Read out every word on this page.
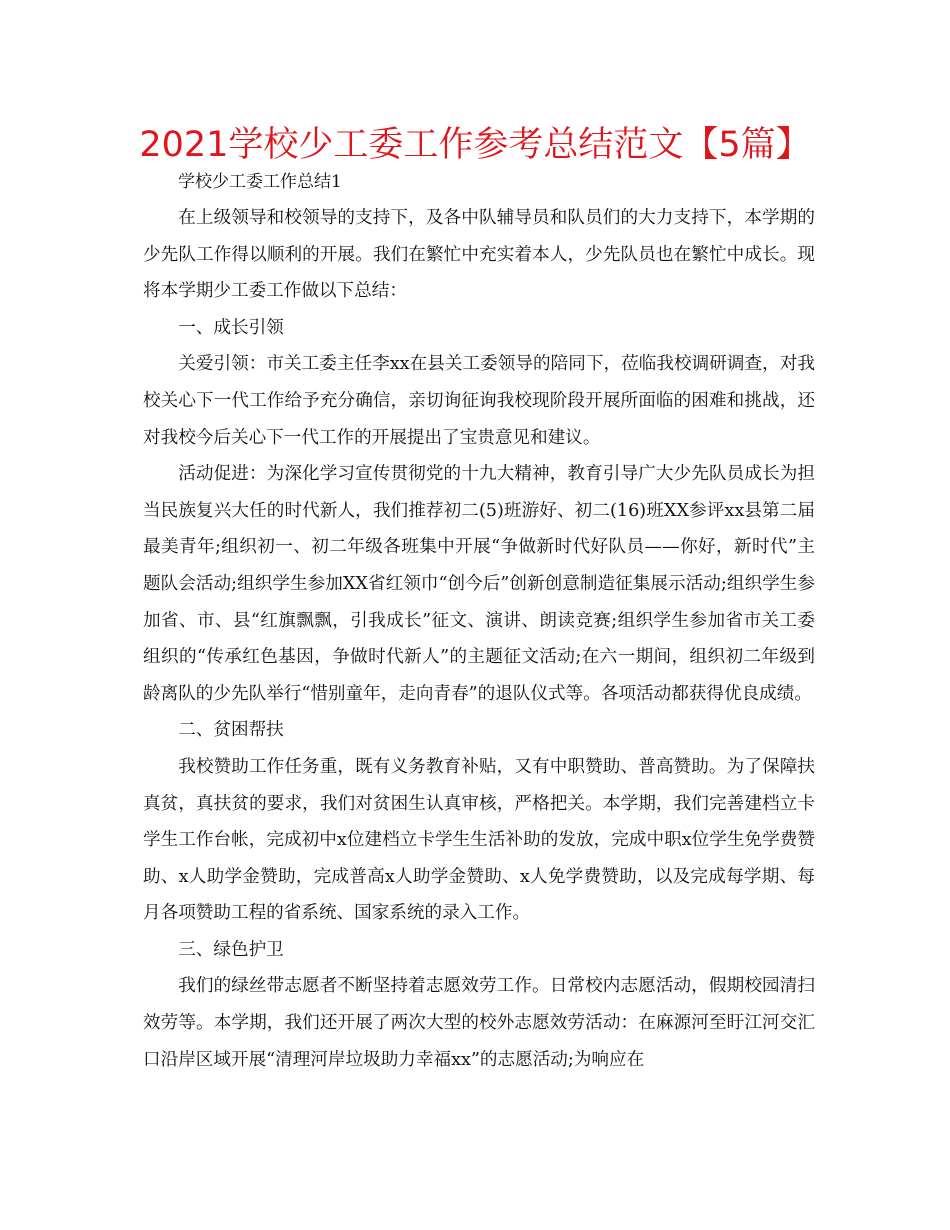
2021学校少工委工作参考总结范文【5篇】
学校少工委工作总结1

在上级领导和校领导的支持下，及各中队辅导员和队员们的大力支持下，本学期的少先队工作得以顺利的开展。我们在繁忙中充实着本人，少先队员也在繁忙中成长。现将本学期少工委工作做以下总结：

一、成长引领

关爱引领：市关工委主任李xx在县关工委领导的陪同下，莅临我校调研调查，对我校关心下一代工作给予充分确信，亲切询征询我校现阶段开展所面临的困难和挑战，还对我校今后关心下一代工作的开展提出了宝贵意见和建议。

活动促进：为深化学习宣传贯彻党的十九大精神，教育引导广大少先队员成长为担当民族复兴大任的时代新人，我们推荐初二(5)班游好、初二(16)班XX参评xx县第二届最美青年;组织初一、初二年级各班集中开展“争做新时代好队员——你好，新时代”主题队会活动;组织学生参加XX省红领巾“创今后”创新创意制造征集展示活动;组织学生参加省、市、县“红旗飘飘，引我成长”征文、演讲、朗读竞赛;组织学生参加省市关工委组织的“传承红色基因，争做时代新人”的主题征文活动;在六一期间，组织初二年级到龄离队的少先队举行“惜别童年，走向青春”的退队仪式等。各项活动都获得优良成绩。

二、贫困帮扶

我校赞助工作任务重，既有义务教育补贴，又有中职赞助、普高赞助。为了保障扶真贫，真扶贫的要求，我们对贫困生认真审核，严格把关。本学期，我们完善建档立卡学生工作台帐，完成初中x位建档立卡学生生活补助的发放，完成中职x位学生免学费赞助、x人助学金赞助，完成普高x人助学金赞助、x人免学费赞助，以及完成每学期、每月各项赞助工程的省系统、国家系统的录入工作。

三、绿色护卫

我们的绿丝带志愿者不断坚持着志愿效劳工作。日常校内志愿活动，假期校园清扫效劳等。本学期，我们还开展了两次大型的校外志愿效劳活动：在麻源河至盱江河交汇口沿岸区域开展“清理河岸垃圾助力幸福xx”的志愿活动;为响应在
